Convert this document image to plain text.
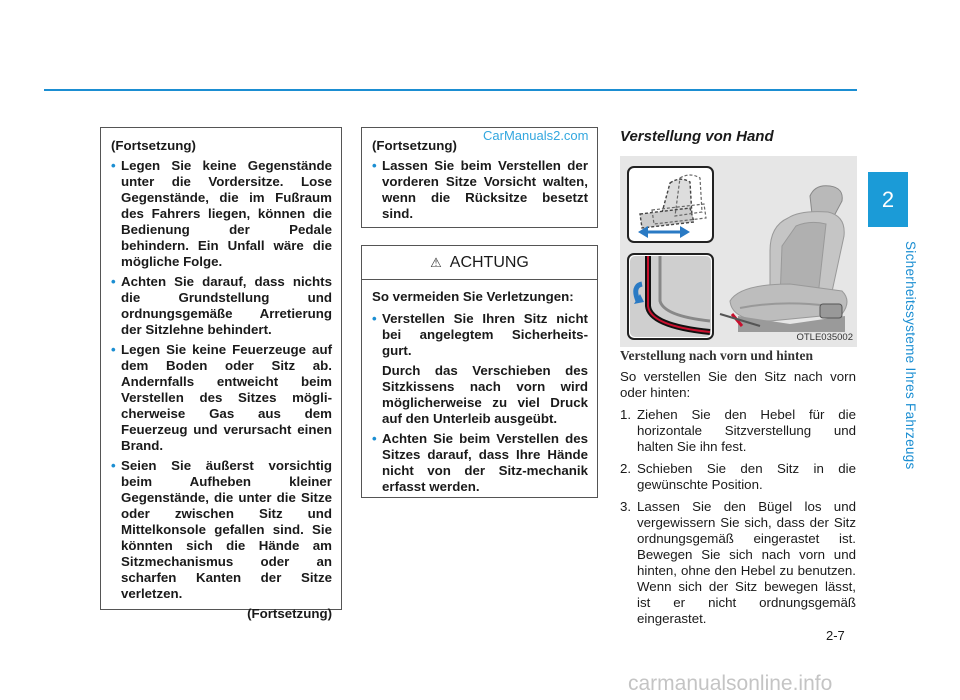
2
Sicherheitssysteme Ihres Fahrzeugs
(Fortsetzung)
• Legen Sie keine Gegenstände unter die Vordersitze. Lose Gegenstände, die im Fußraum des Fahrers liegen, können die Bedienung der Pedale behindern. Ein Unfall wäre die mögliche Folge.
• Achten Sie darauf, dass nichts die Grundstellung und ordnungsgemäße Arretierung der Sitzlehne behindert.
• Legen Sie keine Feuerzeuge auf dem Boden oder Sitz ab. Andernfalls entweicht beim Verstellen des Sitzes mögli-cherweise Gas aus dem Feuerzeug und verursacht einen Brand.
• Seien Sie äußerst vorsichtig beim Aufheben kleiner Gegenstände, die unter die Sitze oder zwischen Sitz und Mittelkonsole gefallen sind. Sie könnten sich die Hände am Sitzmechanismus oder an scharfen Kanten der Sitze verletzen.
(Fortsetzung)
(Fortsetzung)
• Lassen Sie beim Verstellen der vorderen Sitze Vorsicht walten, wenn die Rücksitze besetzt sind.
CarManuals2.com
⚠ ACHTUNG
So vermeiden Sie Verletzungen:
• Verstellen Sie Ihren Sitz nicht bei angelegtem Sicherheits-gurt.

Durch das Verschieben des Sitzkissens nach vorn wird möglicherweise zu viel Druck auf den Unterleib ausgeübt.

• Achten Sie beim Verstellen des Sitzes darauf, dass Ihre Hände nicht von der Sitz-mechanik erfasst werden.
Verstellung von Hand
OTLE035002
Verstellung nach vorn und hinten

So verstellen Sie den Sitz nach vorn oder hinten:

1. Ziehen Sie den Hebel für die horizontale Sitzverstellung und halten Sie ihn fest.
2. Schieben Sie den Sitz in die gewünschte Position.
3. Lassen Sie den Bügel los und vergewissern Sie sich, dass der Sitz ordnungsgemäß eingerastet ist. Bewegen Sie sich nach vorn und hinten, ohne den Hebel zu benutzen. Wenn sich der Sitz bewegen lässt, ist er nicht ordnungsgemäß eingerastet.
2-7
carmanualsonline.info
